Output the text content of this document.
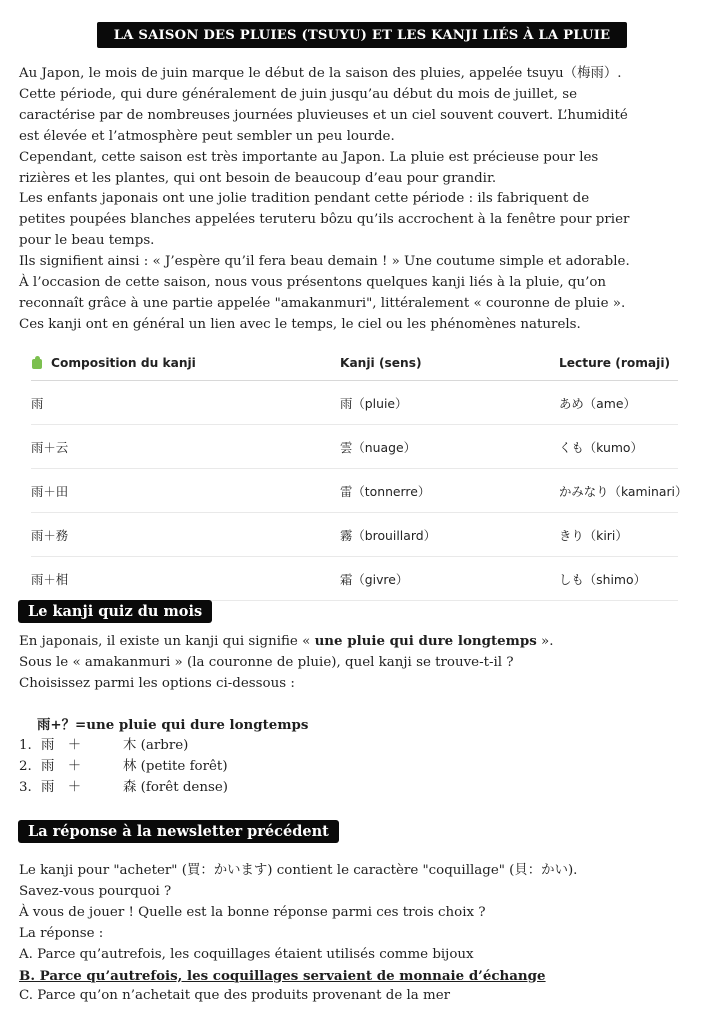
LA SAISON DES PLUIES (TSUYU) ET LES KANJI LIÉS À LA PLUIE

Au Japon, le mois de juin marque le début de la saison des pluies, appelée tsuyu（梅雨）.

Cette période, qui dure généralement de juin jusqu’au début du mois de juillet, se

caractérise par de nombreuses journées pluvieuses et un ciel souvent couvert. L’humidité

est élevée et l’atmosphère peut sembler un peu lourde.

Cependant, cette saison est très importante au Japon. La pluie est précieuse pour les

rizières et les plantes, qui ont besoin de beaucoup d’eau pour grandir.

Les enfants japonais ont une jolie tradition pendant cette période : ils fabriquent de

petites poupées blanches appelées teruteru bôzu qu’ils accrochent à la fenêtre pour prier

pour le beau temps.

Ils signifient ainsi : « J’espère qu’il fera beau demain ! » Une coutume simple et adorable.

À l’occasion de cette saison, nous vous présentons quelques kanji liés à la pluie, qu’on

reconnaît grâce à une partie appelée "amakanmuri", littéralement « couronne de pluie ».

Ces kanji ont en général un lien avec le temps, le ciel ou les phénomènes naturels.

Composition du kanji	Kanji (sens)	Lecture (romaji)
雨	雨（pluie）	あめ（ame）
雨＋云	雲（nuage）	くも（kumo）
雨＋田	雷（tonnerre）	かみなり（kaminari）
雨＋務	霧（brouillard）	きり（kiri）
雨＋相	霜（givre）	しも（shimo）
Le kanji quiz du mois

En japonais, il existe un kanji qui signifie « une pluie qui dure longtemps ».

Sous le « amakanmuri » (la couronne de pluie), quel kanji se trouve-t-il ?

Choisissez parmi les options ci-dessous :

雨+？=une pluie qui dure longtemps

1. 雨　＋	木 (arbre)
2. 雨　＋	林 (petite forêt)
3. 雨　＋	森 (forêt dense)
La réponse à la newsletter précédent

Le kanji pour "acheter" (買：かいます) contient le caractère "coquillage" (貝：かい).

Savez-vous pourquoi ?

À vous de jouer ! Quelle est la bonne réponse parmi ces trois choix ?

La réponse :

A. Parce qu’autrefois, les coquillages étaient utilisés comme bijoux

B. Parce qu’autrefois, les coquillages servaient de monnaie d’échange

C. Parce qu’on n’achetait que des produits provenant de la mer
